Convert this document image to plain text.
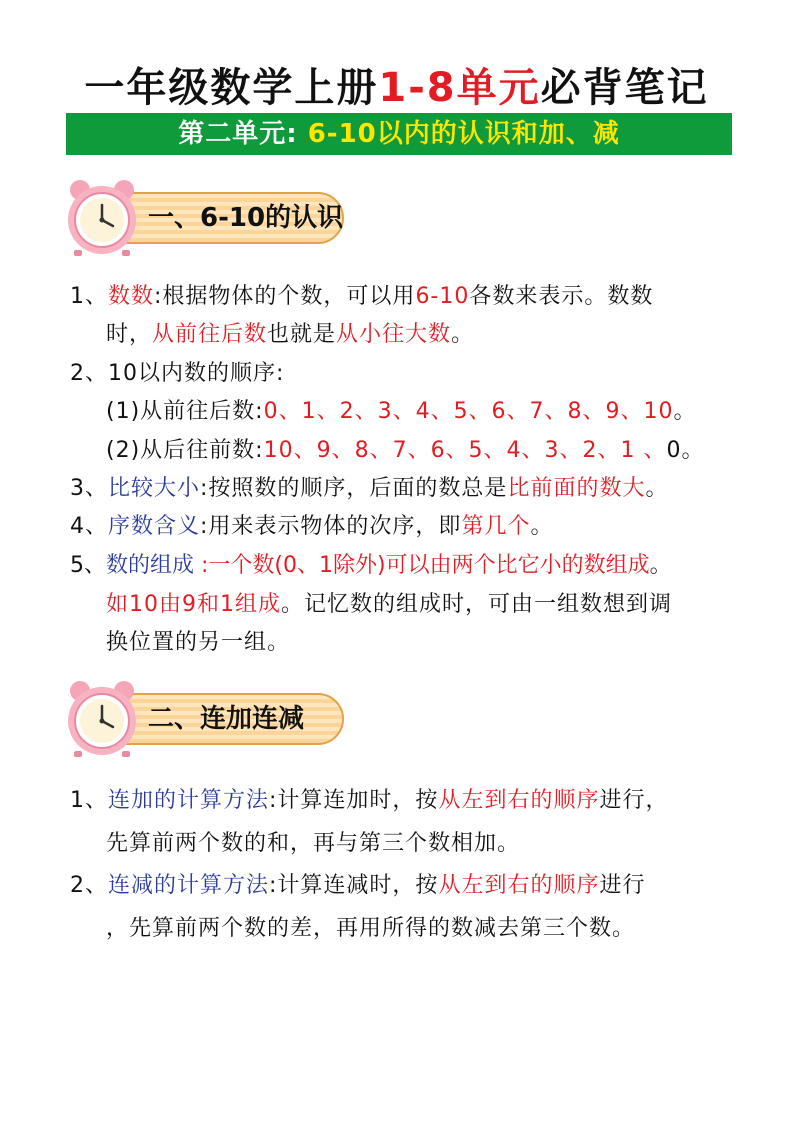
一年级数学上册1-8单元必背笔记
第二单元: 6-10以内的认识和加、减
一、6-10的认识
1、数数:根据物体的个数，可以用6-10各数来表示。数数
时，从前往后数也就是从小往大数。
2、10以内数的顺序:
(1)从前往后数:0、1、2、3、4、5、6、7、8、9、10。
(2)从后往前数:10、9、8、7、6、5、4、3、2、1 、0。
3、比较大小:按照数的顺序，后面的数总是比前面的数大。
4、序数含义:用来表示物体的次序，即第几个。
5、数的组成 :一个数(0、1除外)可以由两个比它小的数组成。
如10由9和1组成。记忆数的组成时，可由一组数想到调
换位置的另一组。
二、连加连减
1、连加的计算方法:计算连加时，按从左到右的顺序进行，
先算前两个数的和，再与第三个数相加。
2、连减的计算方法:计算连减时，按从左到右的顺序进行
，先算前两个数的差，再用所得的数减去第三个数。
